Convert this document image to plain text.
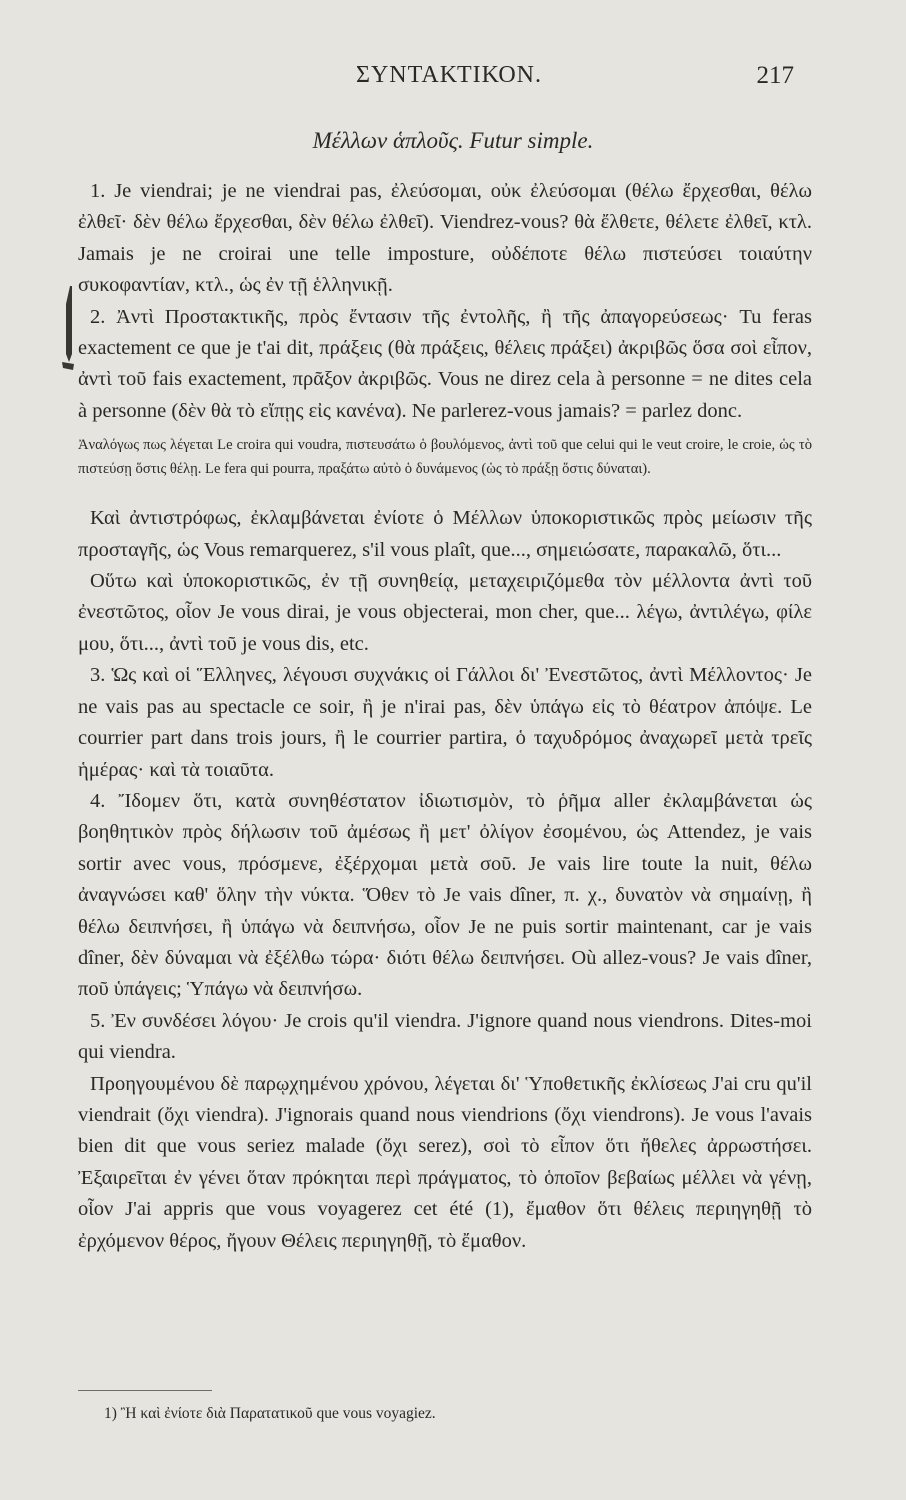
ΣΥΝΤΑΚΤΙΚΟΝ.	217
Μέλλων ἁπλοῦς. Futur simple.

1. Je viendrai; je ne viendrai pas, ἐλεύσομαι, οὐκ ἐλεύσομαι (θέλω ἔρχεσθαι, θέλω ἐλθεῖ· δὲν θέλω ἔρχεσθαι, δὲν θέλω ἐλθεῖ). Viendrez-vous? θὰ ἔλθετε, θέλετε ἐλθεῖ, κτλ. Jamais je ne croirai une telle imposture, οὐδέποτε θέλω πιστεύσει τοιαύτην συκοφαντίαν, κτλ., ὡς ἐν τῇ ἑλληνικῇ.

2. Ἀντὶ Προστακτικῆς, πρὸς ἔντασιν τῆς ἐντολῆς, ἢ τῆς ἀπαγορεύσεως· Tu feras exactement ce que je t'ai dit, πράξεις (θὰ πράξεις, θέλεις πράξει) ἀκριβῶς ὅσα σοὶ εἶπον, ἀντὶ τοῦ fais exactement, πρᾶξον ἀκριβῶς. Vous ne direz cela à personne = ne dites cela à personne (δὲν θὰ τὸ εἴπῃς εἰς κανένα). Ne parlerez-vous jamais? = parlez donc.

Ἀναλόγως πως λέγεται Le croira qui voudra, πιστευσάτω ὁ βουλόμενος, ἀντὶ τοῦ que celui qui le veut croire, le croie, ὡς τὸ πιστεύσῃ ὅστις θέλῃ. Le fera qui pourra, πραξάτω αὐτὸ ὁ δυνάμενος (ὡς τὸ πράξῃ ὅστις δύναται).

Καὶ ἀντιστρόφως, ἐκλαμβάνεται ἐνίοτε ὁ Μέλλων ὑποκοριστικῶς πρὸς μείωσιν τῆς προσταγῆς, ὡς Vous remarquerez, s'il vous plaît, que..., σημειώσατε, παρακαλῶ, ὅτι...

Οὕτω καὶ ὑποκοριστικῶς, ἐν τῇ συνηθείᾳ, μεταχειριζόμεθα τὸν μέλλοντα ἀντὶ τοῦ ἐνεστῶτος, οἷον Je vous dirai, je vous objecterai, mon cher, que... λέγω, ἀντιλέγω, φίλε μου, ὅτι..., ἀντὶ τοῦ je vous dis, etc.

3. Ὡς καὶ οἱ Ἕλληνες, λέγουσι συχνάκις οἱ Γάλλοι δι' Ἐνεστῶτος, ἀντὶ Μέλλοντος· Je ne vais pas au spectacle ce soir, ἢ je n'irai pas, δὲν ὑπάγω εἰς τὸ θέατρον ἀπόψε. Le courrier part dans trois jours, ἢ le courrier partira, ὁ ταχυδρόμος ἀναχωρεῖ μετὰ τρεῖς ἡμέρας· καὶ τὰ τοιαῦτα.

4. Ἴδομεν ὅτι, κατὰ συνηθέστατον ἰδιωτισμὸν, τὸ ῥῆμα aller ἐκλαμβάνεται ὡς βοηθητικὸν πρὸς δήλωσιν τοῦ ἀμέσως ἢ μετ' ὀλίγον ἐσομένου, ὡς Attendez, je vais sortir avec vous, πρόσμενε, ἐξέρχομαι μετὰ σοῦ. Je vais lire toute la nuit, θέλω ἀναγνώσει καθ' ὅλην τὴν νύκτα. Ὅθεν τὸ Je vais dîner, π. χ., δυνατὸν νὰ σημαίνῃ, ἢ θέλω δειπνήσει, ἢ ὑπάγω νὰ δειπνήσω, οἷον Je ne puis sortir maintenant, car je vais dîner, δὲν δύναμαι νὰ ἐξέλθω τώρα· διότι θέλω δειπνήσει. Où allez-vous? Je vais dîner, ποῦ ὑπάγεις; Ὑπάγω νὰ δειπνήσω.

5. Ἐν συνδέσει λόγου· Je crois qu'il viendra. J'ignore quand nous viendrons. Dites-moi qui viendra.

Προηγουμένου δὲ παρῳχημένου χρόνου, λέγεται δι' Ὑποθετικῆς ἐκλίσεως J'ai cru qu'il viendrait (ὄχι viendra). J'ignorais quand nous viendrions (ὄχι viendrons). Je vous l'avais bien dit que vous seriez malade (ὄχι serez), σοὶ τὸ εἶπον ὅτι ἤθελες ἀρρωστήσει. Ἐξαιρεῖται ἐν γένει ὅταν πρόκηται περὶ πράγματος, τὸ ὁποῖον βεβαίως μέλλει νὰ γένῃ, οἷον J'ai appris que vous voyagerez cet été (1), ἔμαθον ὅτι θέλεις περιηγηθῇ τὸ ἐρχόμενον θέρος, ἤγουν Θέλεις περιηγηθῇ, τὸ ἔμαθον.

1) Ἢ καὶ ἐνίοτε διὰ Παρατατικοῦ que vous voyagiez.
